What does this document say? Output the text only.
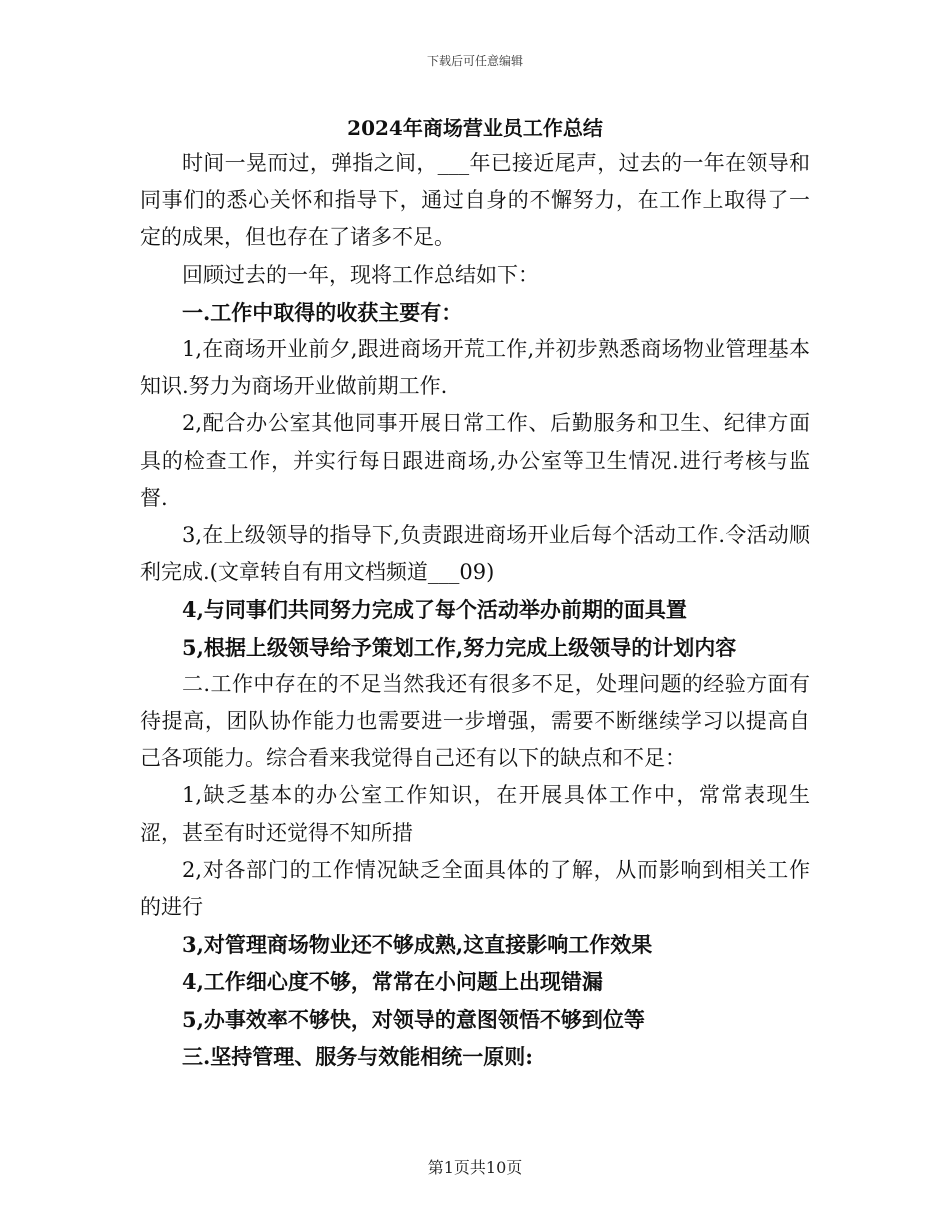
下载后可任意编辑
2024年商场营业员工作总结

时间一晃而过，弹指之间，___年已接近尾声，过去的一年在领导和同事们的悉心关怀和指导下，通过自身的不懈努力，在工作上取得了一定的成果，但也存在了诸多不足。

回顾过去的一年，现将工作总结如下：

一.工作中取得的收获主要有：

1,在商场开业前夕,跟进商场开荒工作,并初步熟悉商场物业管理基本知识.努力为商场开业做前期工作.

2,配合办公室其他同事开展日常工作、后勤服务和卫生、纪律方面具的检查工作，并实行每日跟进商场,办公室等卫生情况.进行考核与监督.

3,在上级领导的指导下,负责跟进商场开业后每个活动工作.令活动顺利完成.(文章转自有用文档频道___09)

4,与同事们共同努力完成了每个活动举办前期的面具置

5,根据上级领导给予策划工作,努力完成上级领导的计划内容

二.工作中存在的不足当然我还有很多不足，处理问题的经验方面有待提高，团队协作能力也需要进一步增强，需要不断继续学习以提高自己各项能力。综合看来我觉得自己还有以下的缺点和不足：

1,缺乏基本的办公室工作知识，在开展具体工作中，常常表现生涩，甚至有时还觉得不知所措

2,对各部门的工作情况缺乏全面具体的了解，从而影响到相关工作的进行

3,对管理商场物业还不够成熟,这直接影响工作效果

4,工作细心度不够，常常在小问题上出现错漏

5,办事效率不够快，对领导的意图领悟不够到位等

三.坚持管理、服务与效能相统一原则:

第1页共10页
